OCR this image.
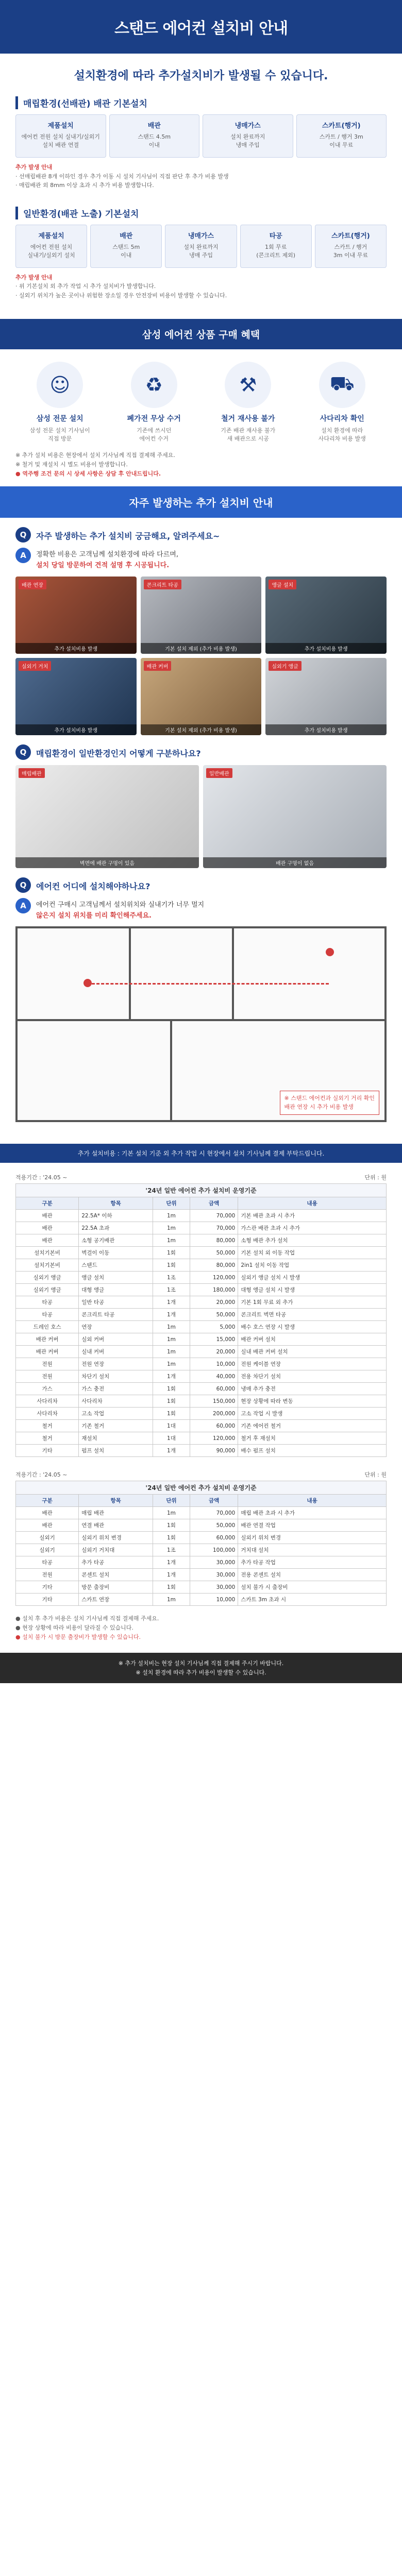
스탠드 에어컨 설치비 안내

설치환경에 따라 추가설치비가 발생될 수 있습니다.

매립환경(선배관) 배관 기본설치
제품설치
에어컨 전원 설치 실내기/실외기
설치 배관 연결
배관
스탠드 4.5m
이내
냉매가스
설치 완료까지
냉매 주입
스카트(행거)
스카트 / 행거 3m
이내 무료

추가 발생 안내

· 선매립배관 8개 이하인 경우 추가 이동 시 설치 기사님이 직접 판단 후 추가 비용 발생

· 매립배관 외 8mm 이상 초과 시 추가 비용 발생합니다.

일반환경(배관 노출) 기본설치
제품설치
에어컨 전원 설치
실내기/실외기 설치
배관
스탠드 5m
이내
냉매가스
설치 완료까지
냉매 주입
타공
1회 무료
(콘크리트 제외)
스카트(행거)
스카트 / 행거
3m 이내 무료

추가 발생 안내

· 위 기본설치 외 추가 작업 시 추가 설치비가 발생합니다.

· 실외기 위치가 높은 곳이나 위험한 장소일 경우 안전장비 비용이 발생할 수 있습니다.

삼성 에어컨 상품 구매 혜택
☺
삼성 전문 설치
삼성 전문 설치 기사님이
직접 방문
♻
폐가전 무상 수거
기존에 쓰시던
에어컨 수거
⚒
철거 재사용 불가
기존 배관 재사용 불가
새 배관으로 시공
⛟
사다리차 확인
설치 환경에 따라
사다리차 비용 발생

※ 추가 설치 비용은 현장에서 설치 기사님께 직접 결제해 주세요.

※ 철거 및 재설치 시 별도 비용이 발생합니다.

● 역주행 조건 문의 시 상세 사항은 상담 후 안내드립니다.

자주 발생하는 추가 설치비 안내
Q	자주 발생하는 추가 설치비 궁금해요, 알려주세요~
A	정확한 비용은 고객님께 설치환경에 따라 다르며,

설치 당일 방문하여 견적 설명 후 시공됩니다.

배관 연장
추가 설치비용 발생
콘크리트 타공
기본 설치 제외 (추가 비용 발생)
앵글 설치
추가 설치비용 발생
실외기 거치
추가 설치비용 발생
배관 커버
기본 설치 제외 (추가 비용 발생)
실외기 앵글
추가 설치비용 발생
Q	매립환경이 일반환경인지 어떻게 구분하나요?
매립배관
벽면에 배관 구멍이 있음
일반배관
배관 구멍이 없음
Q	에어컨 어디에 설치해야하나요?
A	에어컨 구매시 고객님께서 설치위치와 실내기가 너무 멀지

않은지 설치 위치를 미리 확인해주세요.

※ 스탠드 에어컨과 실외기 거리 확인
배관 연장 시 추가 비용 발생
추가 설치비용 : 기본 설치 기준 외 추가 작업 시 현장에서 설치 기사님께 결제 부탁드립니다.
적용기간 : '24.05 ~	단위 : 원
'24년 일반 에어컨 추가 설치비 운영기준				
구분	항목	단위	금액	내용
배관	22.5A* 이하	1m	70,000	기본 배관 초과 시 추가
배관	22.5A 초과	1m	70,000	가스관 배관 초과 시 추가
배관	소형 공기배관	1m	80,000	소형 배관 추가 설치
설치기본비	벽걸이 이동	1회	50,000	기본 설치 외 이동 작업
설치기본비	스탠드	1회	80,000	2in1 설치 이동 작업
실외기 앵글	앵글 설치	1조	120,000	실외기 앵글 설치 시 발생
실외기 앵글	대형 앵글	1조	180,000	대형 앵글 설치 시 발생
타공	일반 타공	1개	20,000	기본 1회 무료 외 추가
타공	콘크리트 타공	1개	50,000	콘크리트 벽면 타공
드레인 호스	연장	1m	5,000	배수 호스 연장 시 발생
배관 커버	실외 커버	1m	15,000	배관 커버 설치
배관 커버	실내 커버	1m	20,000	실내 배관 커버 설치
전원	전원 연장	1m	10,000	전원 케이블 연장
전원	차단기 설치	1개	40,000	전용 차단기 설치
가스	가스 충전	1회	60,000	냉매 추가 충전
사다리차	사다리차	1회	150,000	현장 상황에 따라 변동
사다리차	고소 작업	1회	200,000	고소 작업 시 발생
철거	기존 철거	1대	60,000	기존 에어컨 철거
철거	재설치	1대	120,000	철거 후 재설치
기타	펌프 설치	1개	90,000	배수 펌프 설치
적용기간 : '24.05 ~	단위 : 원
'24년 일반 에어컨 추가 설치비 운영기준				
구분	항목	단위	금액	내용
배관	매립 배관	1m	70,000	매립 배관 초과 시 추가
배관	연결 배관	1회	50,000	배관 연결 작업
실외기	실외기 위치 변경	1회	60,000	실외기 위치 변경
실외기	실외기 거치대	1조	100,000	거치대 설치
타공	추가 타공	1개	30,000	추가 타공 작업
전원	콘센트 설치	1개	30,000	전용 콘센트 설치
기타	방문 출장비	1회	30,000	설치 불가 시 출장비
기타	스카트 연장	1m	10,000	스카트 3m 초과 시

● 설치 후 추가 비용은 설치 기사님께 직접 결제해 주세요.

● 현장 상황에 따라 비용이 달라질 수 있습니다.

● 설치 불가 시 방문 출장비가 발생할 수 있습니다.

※ 추가 설치비는 현장 설치 기사님께 직접 결제해 주시기 바랍니다.

※ 설치 환경에 따라 추가 비용이 발생할 수 있습니다.
